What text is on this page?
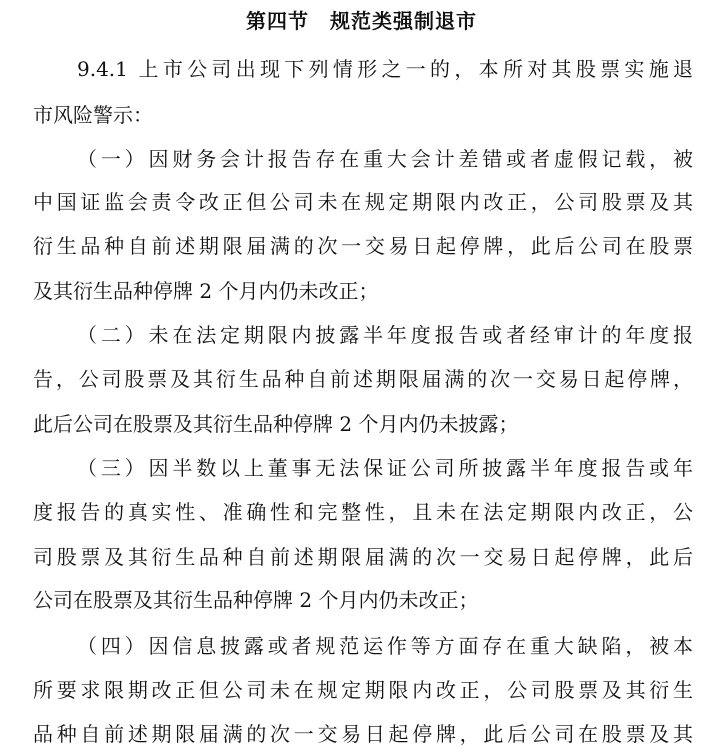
第四节　规范类强制退市
9.4.1 上市公司出现下列情形之一的，本所对其股票实施退
市风险警示：
（一）因财务会计报告存在重大会计差错或者虚假记载，被
中国证监会责令改正但公司未在规定期限内改正，公司股票及其
衍生品种自前述期限届满的次一交易日起停牌，此后公司在股票
及其衍生品种停牌 2 个月内仍未改正；
（二）未在法定期限内披露半年度报告或者经审计的年度报
告，公司股票及其衍生品种自前述期限届满的次一交易日起停牌，
此后公司在股票及其衍生品种停牌 2 个月内仍未披露；
（三）因半数以上董事无法保证公司所披露半年度报告或年
度报告的真实性、准确性和完整性，且未在法定期限内改正，公
司股票及其衍生品种自前述期限届满的次一交易日起停牌，此后
公司在股票及其衍生品种停牌 2 个月内仍未改正；
（四）因信息披露或者规范运作等方面存在重大缺陷，被本
所要求限期改正但公司未在规定期限内改正，公司股票及其衍生
品种自前述期限届满的次一交易日起停牌，此后公司在股票及其
